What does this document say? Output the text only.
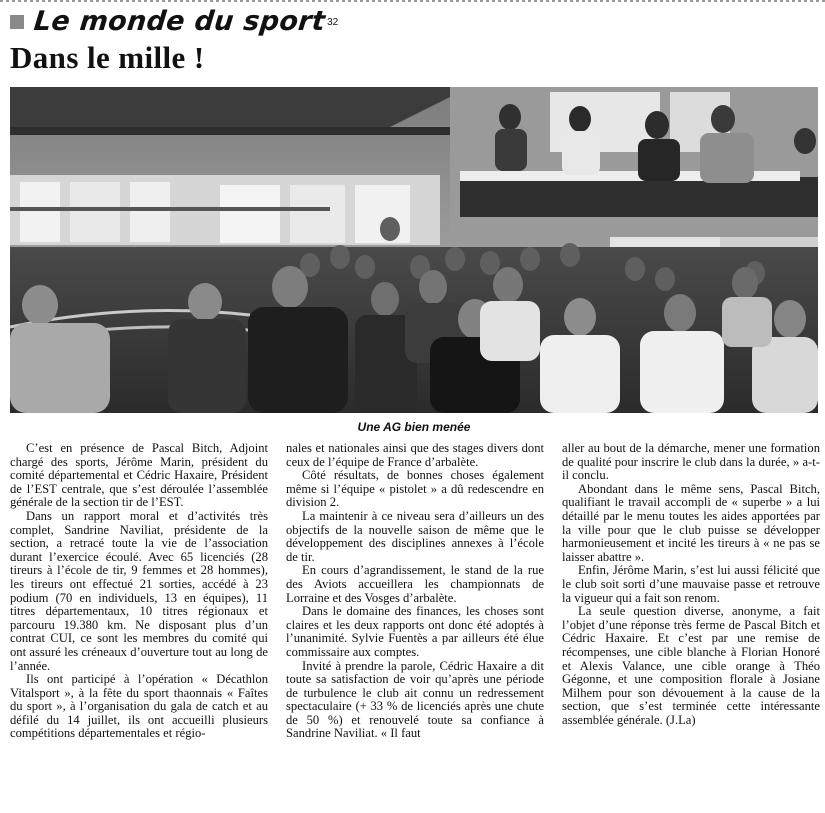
Le monde du sport 32
Dans le mille !

Une AG bien menée

C’est en présence de Pascal Bitch, Adjoint chargé des sports, Jérôme Marin, président du comité départemental et Cédric Haxaire, Président de l’EST centrale, que s’est déroulée l’assemblée générale de la section tir de l’EST.

Dans un rapport moral et d’activités très complet, Sandrine Naviliat, présidente de la section, a retracé toute la vie de l’association durant l’exercice écoulé. Avec 65 licenciés (28 tireurs à l’école de tir, 9 femmes et 28 hommes), les tireurs ont effectué 21 sorties, accédé à 23 podium (70 en individuels, 13 en équipes), 11 titres départementaux, 10 titres régionaux et parcouru 19.380 km. Ne disposant plus d’un contrat CUI, ce sont les membres du comité qui ont assuré les créneaux d’ouverture tout au long de l’année.

Ils ont participé à l’opération « Décathlon Vitalsport », à la fête du sport thaonnais « Faîtes du sport », à l’organisation du gala de catch et au défilé du 14 juillet, ils ont accueilli plusieurs compétitions départementales et régio-

nales et nationales ainsi que des stages divers dont ceux de l’équipe de France d’arbalète.

Côté résultats, de bonnes choses également même si l’équipe « pistolet » a dû redescendre en division 2.

La maintenir à ce niveau sera d’ailleurs un des objectifs de la nouvelle saison de même que le développement des disciplines annexes à l’école de tir.

En cours d’agrandissement, le stand de la rue des Aviots accueillera les championnats de Lorraine et des Vosges d’arbalète.

Dans le domaine des finances, les choses sont claires et les deux rapports ont donc été adoptés à l’unanimité. Sylvie Fuentès a par ailleurs été élue commissaire aux comptes.

Invité à prendre la parole, Cédric Haxaire a dit toute sa satisfaction de voir qu’après une période de turbulence le club ait connu un redressement spectaculaire (+ 33 % de licenciés après une chute de 50 %) et renouvelé toute sa confiance à Sandrine Naviliat. « Il faut

aller au bout de la démarche, mener une formation de qualité pour inscrire le club dans la durée, » a-t-il conclu.

Abondant dans le même sens, Pascal Bitch, qualifiant le travail accompli de « superbe » a lui détaillé par le menu toutes les aides apportées par la ville pour que le club puisse se développer harmonieusement et incité les tireurs à « ne pas se laisser abattre ».

Enfin, Jérôme Marin, s’est lui aussi félicité que le club soit sorti d’une mauvaise passe et retrouve la vigueur qui a fait son renom.

La seule question diverse, anonyme, a fait l’objet d’une réponse très ferme de Pascal Bitch et Cédric Haxaire. Et c’est par une remise de récompenses, une cible blanche à Florian Honoré et Alexis Valance, une cible orange à Théo Gégonne, et une composition florale à Josiane Milhem pour son dévouement à la cause de la section, que s’est terminée cette intéressante assemblée générale. (J.La)
